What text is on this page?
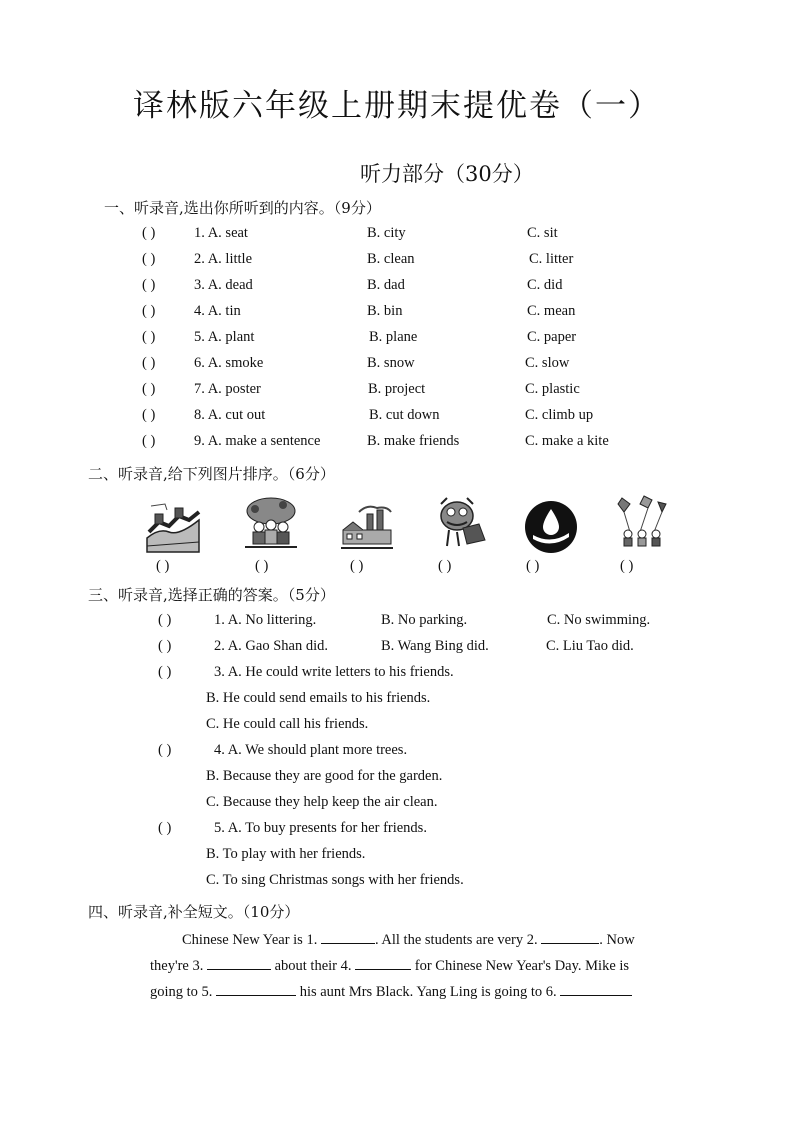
译林版六年级上册期末提优卷（一）
听力部分（30分）
一、听录音,选出你所听到的内容。（9分）
( )	1. A. seat	B. city	C. sit
( )	2. A. little	B. clean	C. litter
( )	3. A. dead	B. dad	C. did
( )	4. A. tin	B. bin	C. mean
( )	5. A. plant	B. plane	C. paper
( )	6. A. smoke	B. snow	C. slow
( )	7. A. poster	B. project	C. plastic
( )	8. A. cut out	B. cut down	C. climb up
( )	9. A. make a sentence	B. make friends	C. make a kite
二、听录音,给下列图片排序。（6分）
( )	( )	( )	( )	( )	( )
三、听录音,选择正确的答案。（5分）
( )	1. A. No littering.	B. No parking.	C. No swimming.
( )	2. A. Gao Shan did.	B. Wang Bing did.	C. Liu Tao did.
( )	3. A. He could write letters to his friends.
B. He could send emails to his friends.
C. He could call his friends.
( )	4. A. We should plant more trees.
B. Because they are good for the garden.
C. Because they help keep the air clean.
( )	5. A. To buy presents for her friends.
B. To play with her friends.
C. To sing Christmas songs with her friends.
四、听录音,补全短文。（10分）
Chinese New Year is 1.	. All the students are very 2.	. Now
they're 3.	about their 4.	for Chinese New Year's Day. Mike is
going to 5.	his aunt Mrs Black. Yang Ling is going to 6.
